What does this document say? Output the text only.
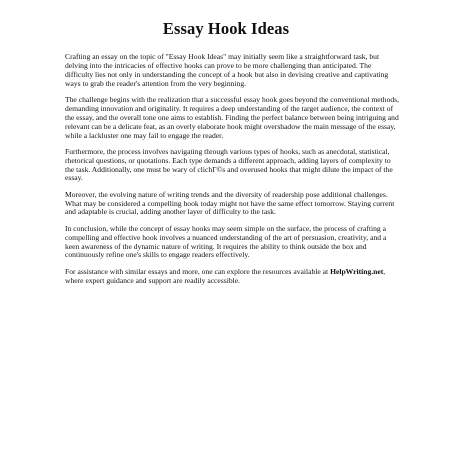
Essay Hook Ideas

Crafting an essay on the topic of "Essay Hook Ideas" may initially seem like a straightforward task, but delving into the intricacies of effective hooks can prove to be more challenging than anticipated. The difficulty lies not only in understanding the concept of a hook but also in devising creative and captivating ways to grab the reader's attention from the very beginning.

The challenge begins with the realization that a successful essay hook goes beyond the conventional methods, demanding innovation and originality. It requires a deep understanding of the target audience, the context of the essay, and the overall tone one aims to establish. Finding the perfect balance between being intriguing and relevant can be a delicate feat, as an overly elaborate hook might overshadow the main message of the essay, while a lackluster one may fail to engage the reader.

Furthermore, the process involves navigating through various types of hooks, such as anecdotal, statistical, rhetorical questions, or quotations. Each type demands a different approach, adding layers of complexity to the task. Additionally, one must be wary of clichГ©s and overused hooks that might dilute the impact of the essay.

Moreover, the evolving nature of writing trends and the diversity of readership pose additional challenges. What may be considered a compelling hook today might not have the same effect tomorrow. Staying current and adaptable is crucial, adding another layer of difficulty to the task.

In conclusion, while the concept of essay hooks may seem simple on the surface, the process of crafting a compelling and effective hook involves a nuanced understanding of the art of persuasion, creativity, and a keen awareness of the dynamic nature of writing. It requires the ability to think outside the box and continuously refine one's skills to engage readers effectively.

For assistance with similar essays and more, one can explore the resources available at HelpWriting.net, where expert guidance and support are readily accessible.
